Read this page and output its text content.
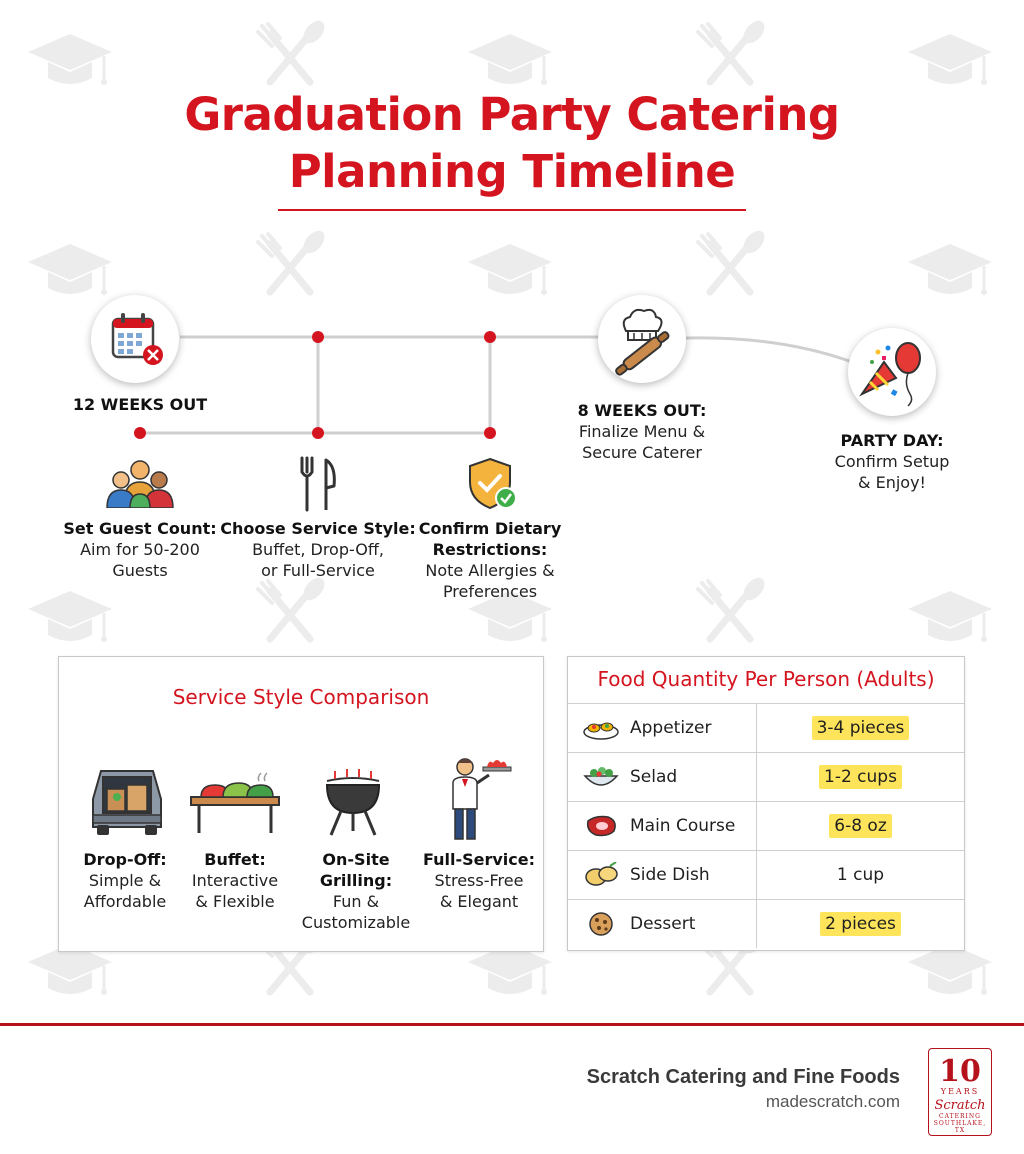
Graduation Party Catering
Planning Timeline
12 WEEKS OUT
Set Guest Count:
Aim for 50-200
Guests
Choose Service Style:
Buffet, Drop-Off,
or Full-Service
Confirm Dietary
Restrictions:
Note Allergies &
Preferences
8 WEEKS OUT:
Finalize Menu &
Secure Caterer
PARTY DAY:
Confirm Setup
& Enjoy!
Service Style Comparison
Drop-Off:
Simple &
Affordable
Buffet:
Interactive
& Flexible
On-Site Grilling:
Fun &
Customizable
Full-Service:
Stress-Free
& Elegant
Food Quantity Per Person (Adults)
Appetizer	3-4 pieces

Selad	1-2 cups

Main Course	6-8 oz

Side Dish	1 cup

Dessert	2 pieces
Scratch Catering and Fine Foods
madescratch.com
10
YEARS
Scratch
CATERING
SOUTHLAKE, TX
